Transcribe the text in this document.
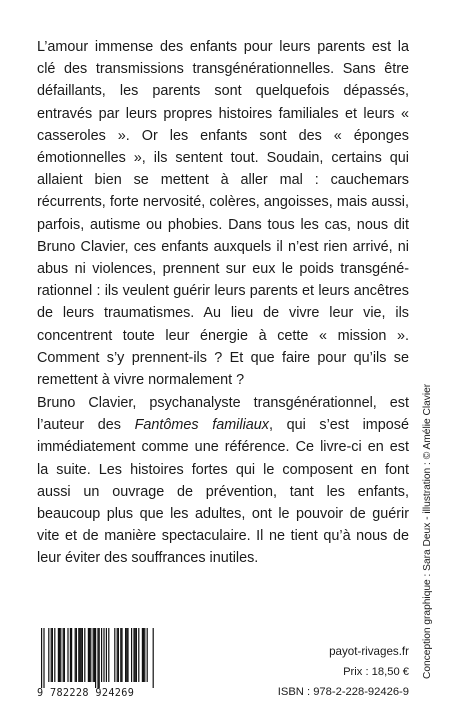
L’amour immense des enfants pour leurs parents est la clé des transmissions transgénérationnelles. Sans être défaillants, les parents sont quelquefois dépassés, entravés par leurs propres histoires familiales et leurs « casseroles ». Or les enfants sont des « éponges émotionnelles », ils sentent tout. Soudain, certains qui allaient bien se mettent à aller mal : cauchemars récurrents, forte nervosité, colères, angoisses, mais aussi, parfois, autisme ou phobies. Dans tous les cas, nous dit Bruno Clavier, ces enfants auxquels il n’est rien arrivé, ni abus ni violences, prennent sur eux le poids transgénérationnel : ils veulent guérir leurs parents et leurs ancêtres de leurs traumatismes. Au lieu de vivre leur vie, ils concentrent toute leur énergie à cette « mission ». Comment s’y prennent-ils ? Et que faire pour qu’ils se remettent à vivre normalement ?

Bruno Clavier, psychanalyste transgénérationnel, est l’auteur des Fantômes familiaux, qui s’est imposé immédiatement comme une référence. Ce livre-ci en est la suite. Les histoires fortes qui le composent en font aussi un ouvrage de prévention, tant les enfants, beaucoup plus que les adultes, ont le pouvoir de guérir vite et de manière spectaculaire. Il ne tient qu’à nous de leur éviter des souffrances inutiles.	Conception graphique : Sara Deux - illustration : © Amélie Clavier
9 782228 924269
payot-rivages.fr
Prix : 18,50 €
ISBN : 978-2-228-92426-9
